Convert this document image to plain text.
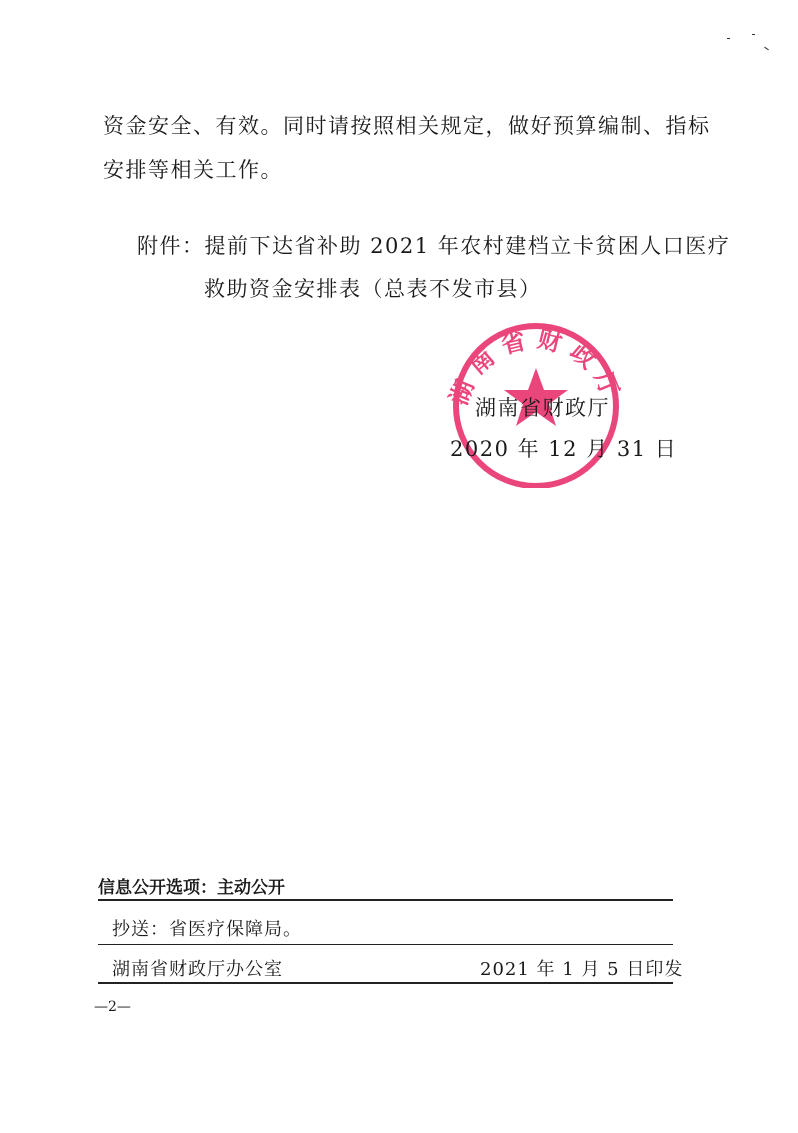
资金安全、有效。同时请按照相关规定，做好预算编制、指标
安排等相关工作。
附件：提前下达省补助 2021 年农村建档立卡贫困人口医疗
救助资金安排表（总表不发市县）
湖南省财政厅
湖南省财政厅
2020 年 12 月 31 日
信息公开选项：主动公开
抄送：省医疗保障局。
湖南省财政厅办公室	2021 年 1 月 5 日印发
—2—
